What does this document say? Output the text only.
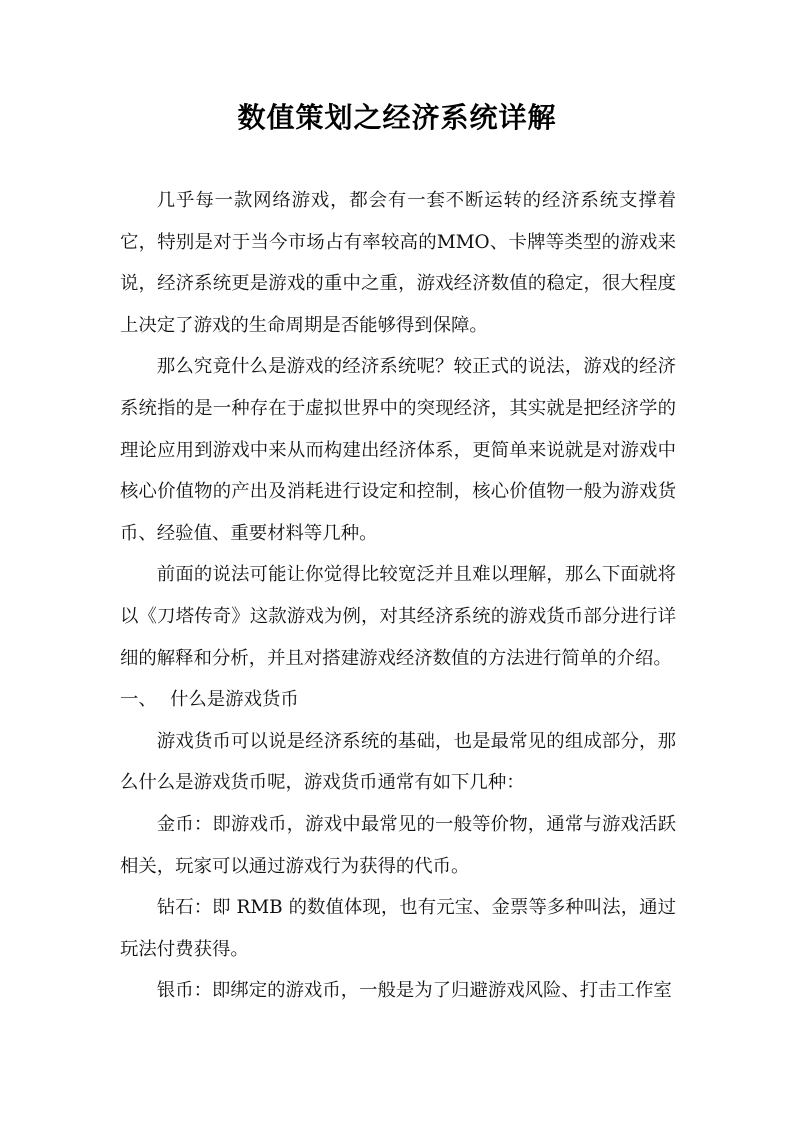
数值策划之经济系统详解

几乎每一款网络游戏，都会有一套不断运转的经济系统支撑着它，特别是对于当今市场占有率较高的MMO、卡牌等类型的游戏来说，经济系统更是游戏的重中之重，游戏经济数值的稳定，很大程度上决定了游戏的生命周期是否能够得到保障。

那么究竟什么是游戏的经济系统呢？较正式的说法，游戏的经济系统指的是一种存在于虚拟世界中的突现经济，其实就是把经济学的理论应用到游戏中来从而构建出经济体系，更简单来说就是对游戏中核心价值物的产出及消耗进行设定和控制，核心价值物一般为游戏货币、经验值、重要材料等几种。

前面的说法可能让你觉得比较宽泛并且难以理解，那么下面就将以《刀塔传奇》这款游戏为例，对其经济系统的游戏货币部分进行详细的解释和分析，并且对搭建游戏经济数值的方法进行简单的介绍。

一、 什么是游戏货币

游戏货币可以说是经济系统的基础，也是最常见的组成部分，那么什么是游戏货币呢，游戏货币通常有如下几种：

金币：即游戏币，游戏中最常见的一般等价物，通常与游戏活跃相关，玩家可以通过游戏行为获得的代币。

钻石：即 RMB 的数值体现，也有元宝、金票等多种叫法，通过玩法付费获得。

银币：即绑定的游戏币，一般是为了归避游戏风险、打击工作室
